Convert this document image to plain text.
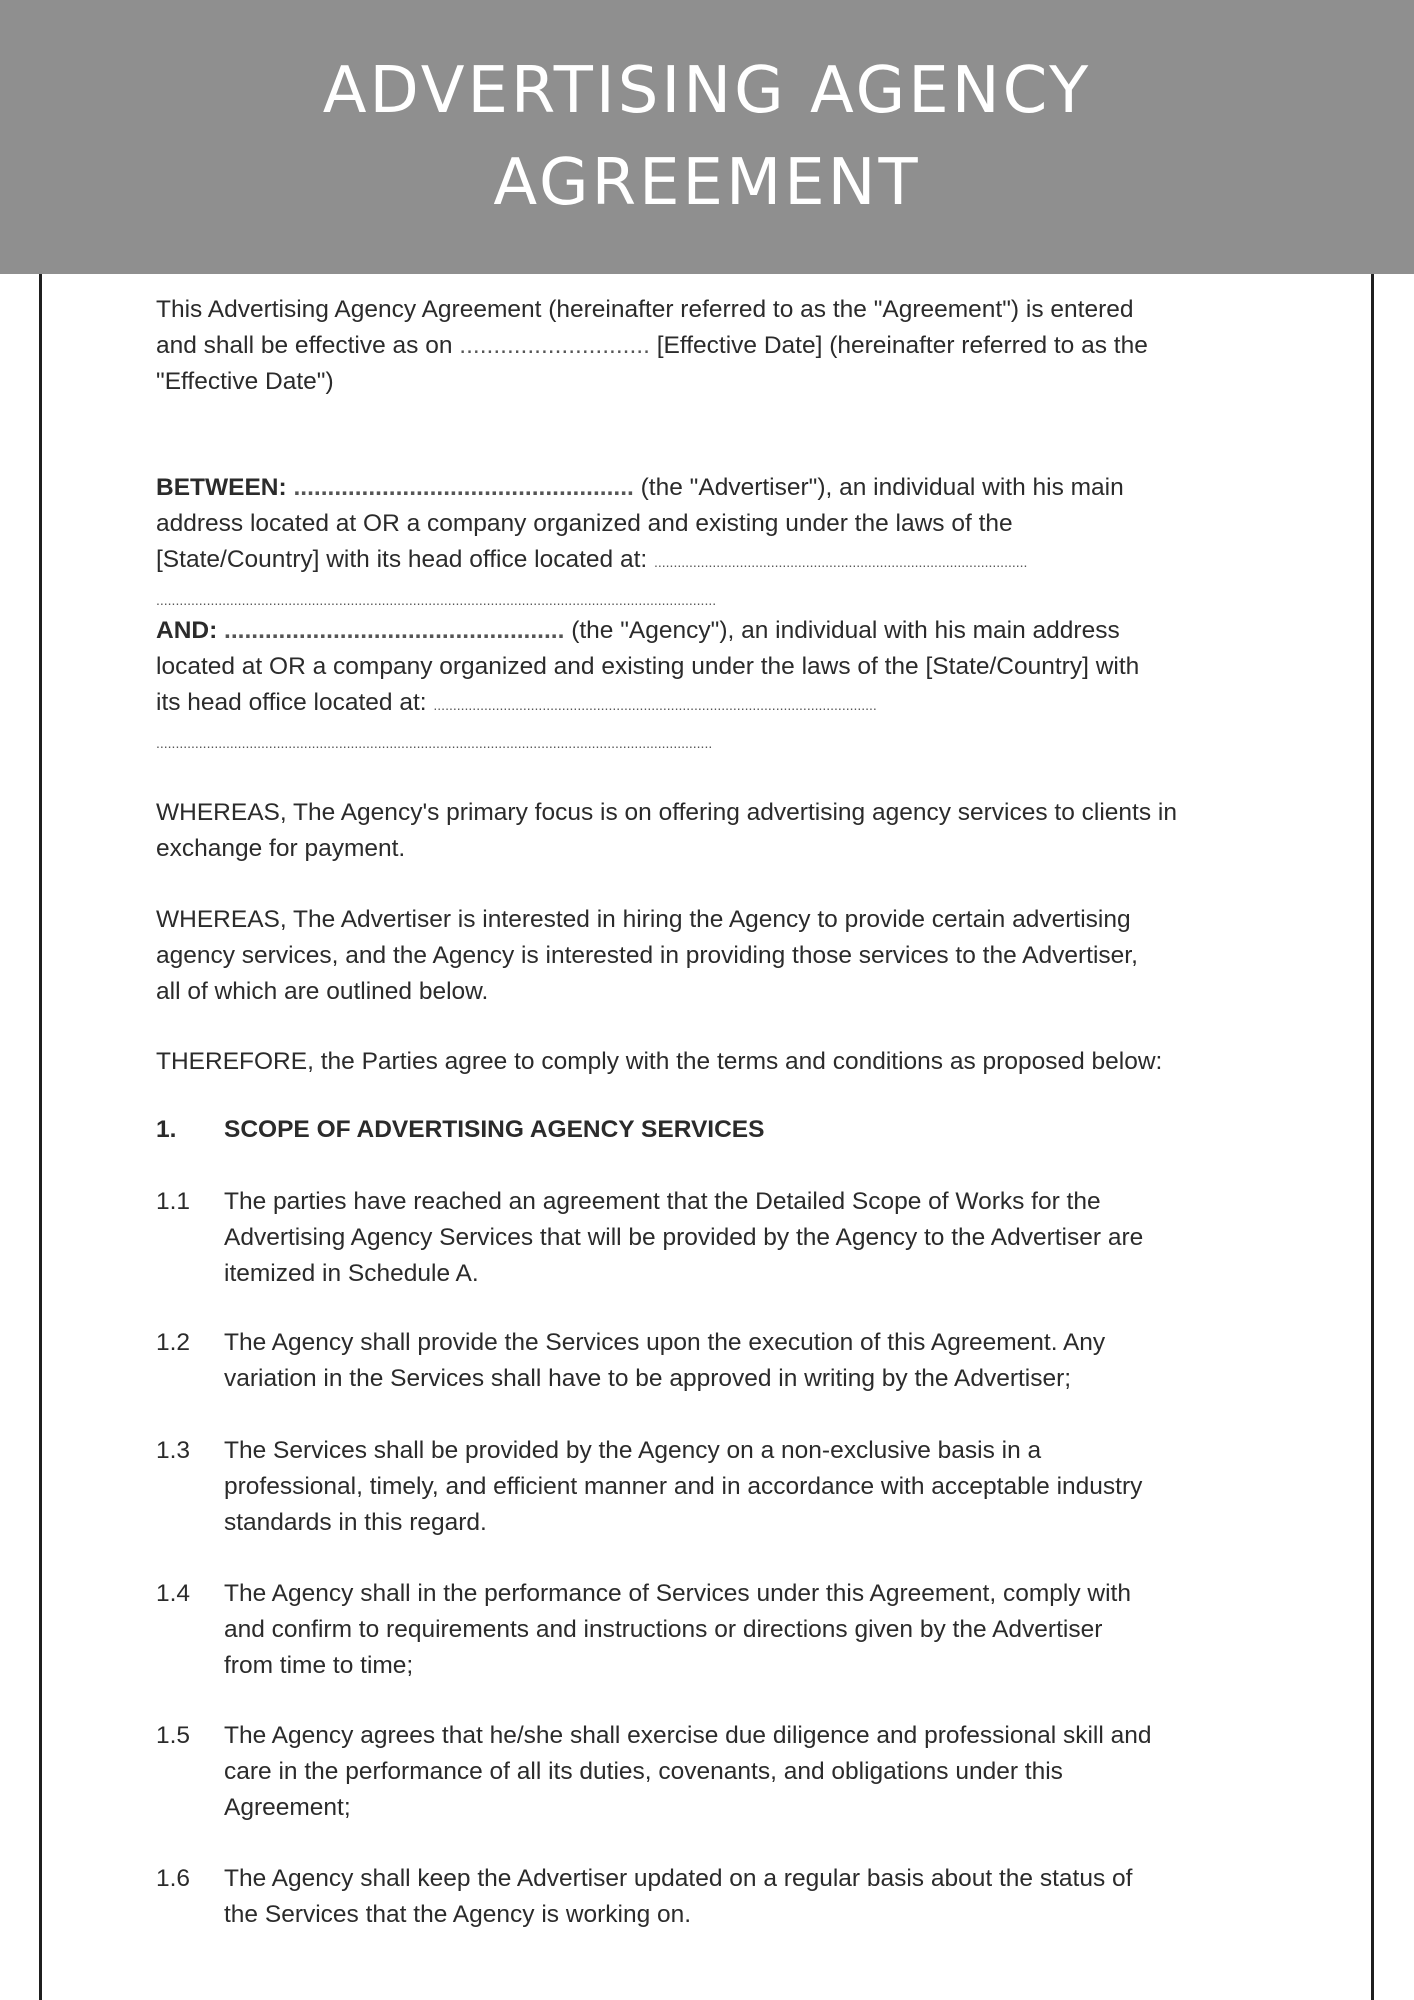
ADVERTISING AGENCY
AGREEMENT

This Advertising Agency Agreement (hereinafter referred to as the "Agreement") is entered

and shall be effective as on ............................ [Effective Date] (hereinafter referred to as the

"Effective Date")

BETWEEN: .................................................. (the "Advertiser"), an individual with his main

address located at OR a company organized and existing under the laws of the

[State/Country] with its head office located at: ................................................................................................

................................................................................................................................................

AND: .................................................. (the "Agency"), an individual with his main address

located at OR a company organized and existing under the laws of the [State/Country] with

its head office located at: ..................................................................................................................

...............................................................................................................................................

WHEREAS, The Agency's primary focus is on offering advertising agency services to clients in

exchange for payment.

WHEREAS, The Advertiser is interested in hiring the Agency to provide certain advertising

agency services, and the Agency is interested in providing those services to the Advertiser,

all of which are outlined below.

THEREFORE, the Parties agree to comply with the terms and conditions as proposed below:

1. SCOPE OF ADVERTISING AGENCY SERVICES
1.1 The parties have reached an agreement that the Detailed Scope of Works for the
Advertising Agency Services that will be provided by the Agency to the Advertiser are
itemized in Schedule A.
1.2 The Agency shall provide the Services upon the execution of this Agreement. Any
variation in the Services shall have to be approved in writing by the Advertiser;
1.3 The Services shall be provided by the Agency on a non-exclusive basis in a
professional, timely, and efficient manner and in accordance with acceptable industry
standards in this regard.
1.4 The Agency shall in the performance of Services under this Agreement, comply with
and confirm to requirements and instructions or directions given by the Advertiser
from time to time;
1.5 The Agency agrees that he/she shall exercise due diligence and professional skill and
care in the performance of all its duties, covenants, and obligations under this
Agreement;
1.6 The Agency shall keep the Advertiser updated on a regular basis about the status of
the Services that the Agency is working on.
